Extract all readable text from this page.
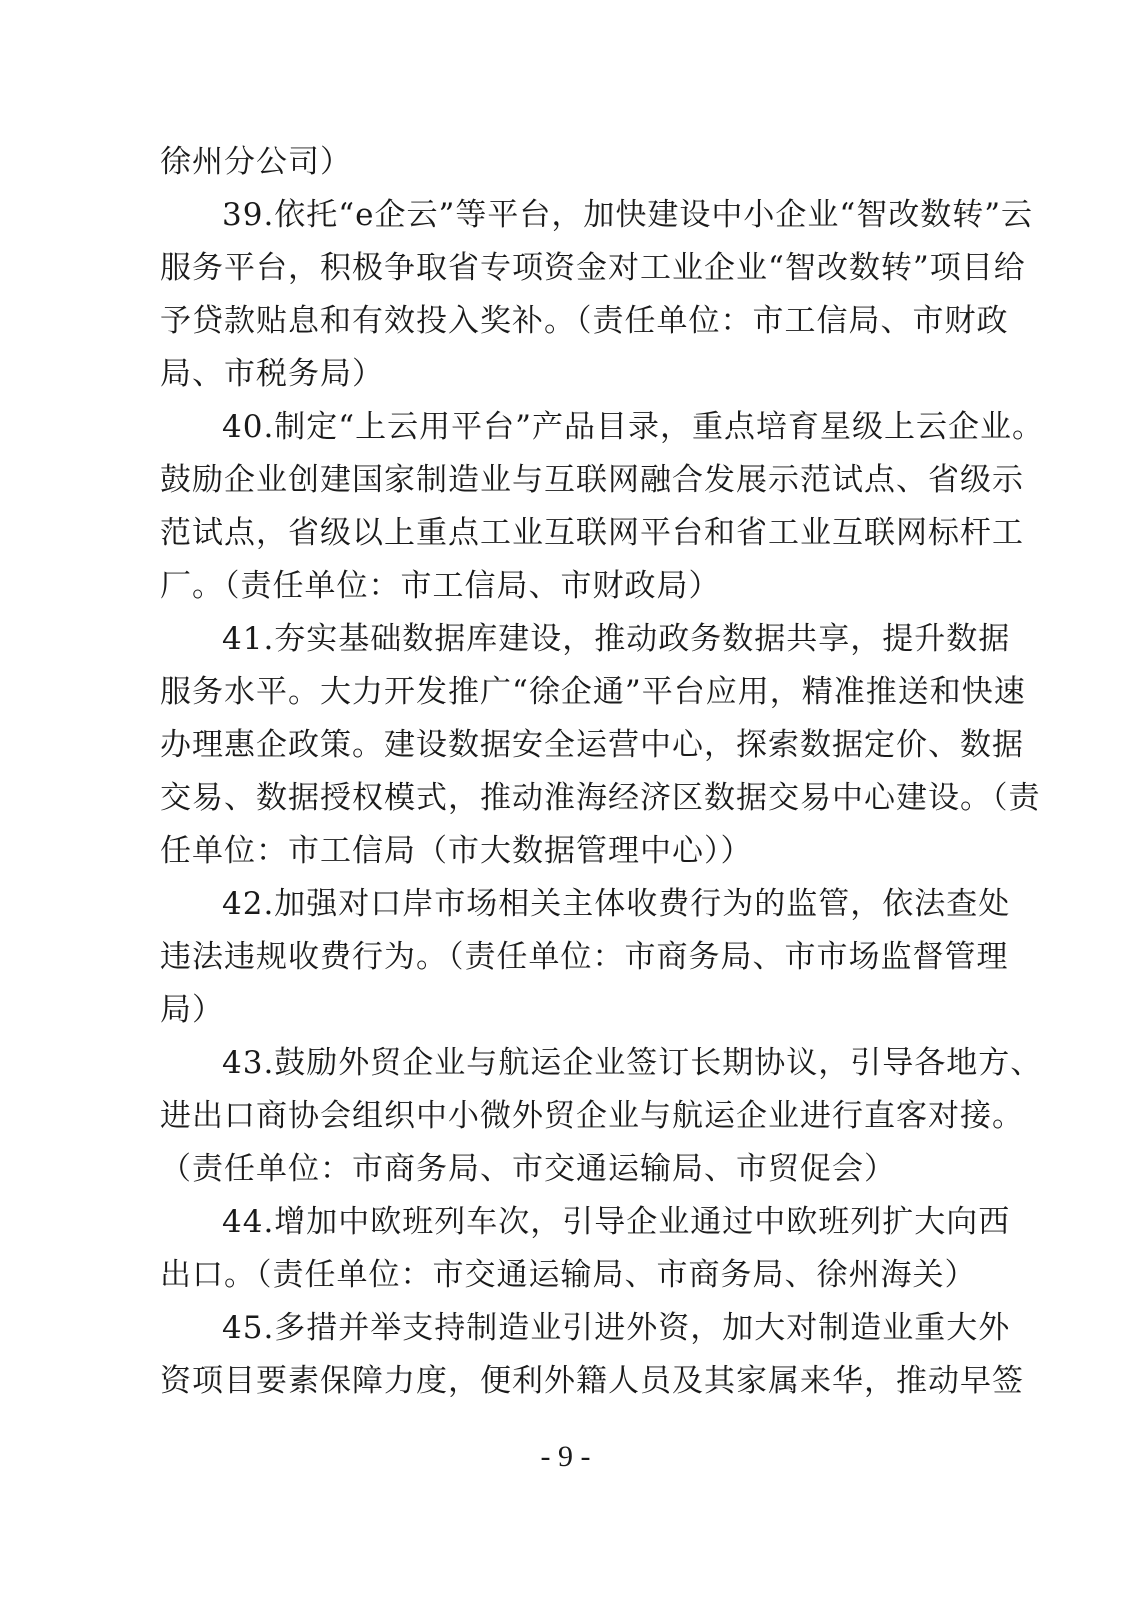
徐州分公司）
39.依托“e企云”等平台，加快建设中小企业“智改数转”云
服务平台，积极争取省专项资金对工业企业“智改数转”项目给
予贷款贴息和有效投入奖补。（责任单位：市工信局、市财政
局、市税务局）
40.制定“上云用平台”产品目录，重点培育星级上云企业。
鼓励企业创建国家制造业与互联网融合发展示范试点、省级示
范试点，省级以上重点工业互联网平台和省工业互联网标杆工
厂。（责任单位：市工信局、市财政局）
41.夯实基础数据库建设，推动政务数据共享，提升数据
服务水平。大力开发推广“徐企通”平台应用，精准推送和快速
办理惠企政策。建设数据安全运营中心，探索数据定价、数据
交易、数据授权模式，推动淮海经济区数据交易中心建设。（责
任单位：市工信局（市大数据管理中心））
42.加强对口岸市场相关主体收费行为的监管，依法查处
违法违规收费行为。（责任单位：市商务局、市市场监督管理
局）
43.鼓励外贸企业与航运企业签订长期协议，引导各地方、
进出口商协会组织中小微外贸企业与航运企业进行直客对接。
（责任单位：市商务局、市交通运输局、市贸促会）
44.增加中欧班列车次，引导企业通过中欧班列扩大向西
出口。（责任单位：市交通运输局、市商务局、徐州海关）
45.多措并举支持制造业引进外资，加大对制造业重大外
资项目要素保障力度，便利外籍人员及其家属来华，推动早签
- 9 -
